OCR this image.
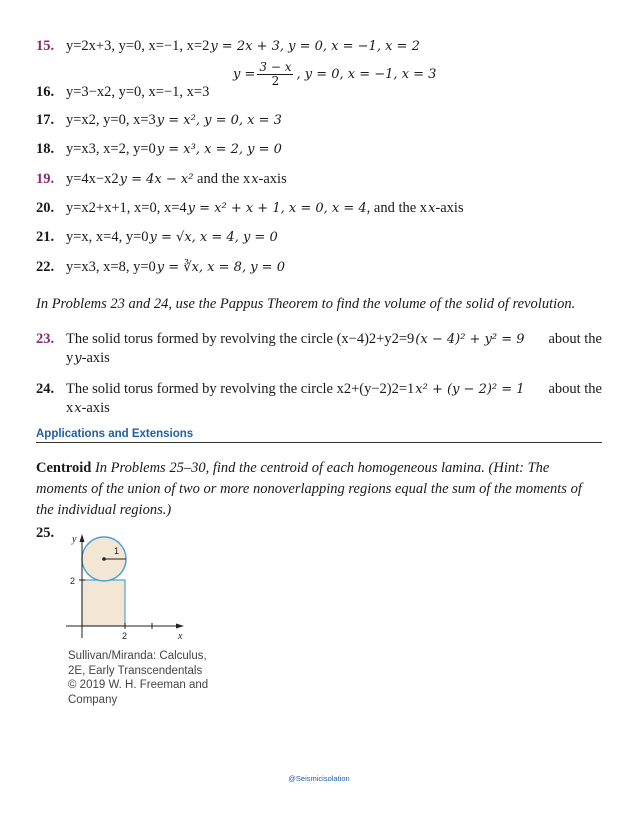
15. y=2x+3, y=0, x=−1, x=2y = 2x + 3, y = 0, x = −1, x = 2
16. y=3−x2, y=0, x=−1, x=3
$y = \frac{3 - x}{2}$ , y = 0, x = −1, x = 3
17. y=x2, y=0, x=3y = x², y = 0, x = 3
18. y=x3, x=2, y=0y = x³, x = 2, y = 0
19. y=4x−x2y = 4x − x² and the xx-axis
20. y=x2+x+1, x=0, x=4y = x² + x + 1, x = 0, x = 4, and the xx-axis
21. y=x, x=4, y=0y = √x, x = 4, y = 0
22. y=x3, x=8, y=0y = ∛x, x = 8, y = 0
In Problems 23 and 24, use the Pappus Theorem to find the volume of the solid of revolution.
23. The solid torus formed by revolving the circle (x−4)2+y2=9(x − 4)² + y² = 9	about the
yy-axis
24. The solid torus formed by revolving the circle x2+(y−2)2=1x² + (y − 2)² = 1	about the
xx-axis
Applications and Extensions
Centroid In Problems 25–30, find the centroid of each homogeneous lamina. (Hint: The moments of the union of two or more nonoverlapping regions equal the sum of the moments of the individual regions.)
25.
1
2
2
y
x
Sullivan/Miranda: Calculus,
2E, Early Transcendentals
© 2019 W. H. Freeman and
Company
@Seismicisolation
